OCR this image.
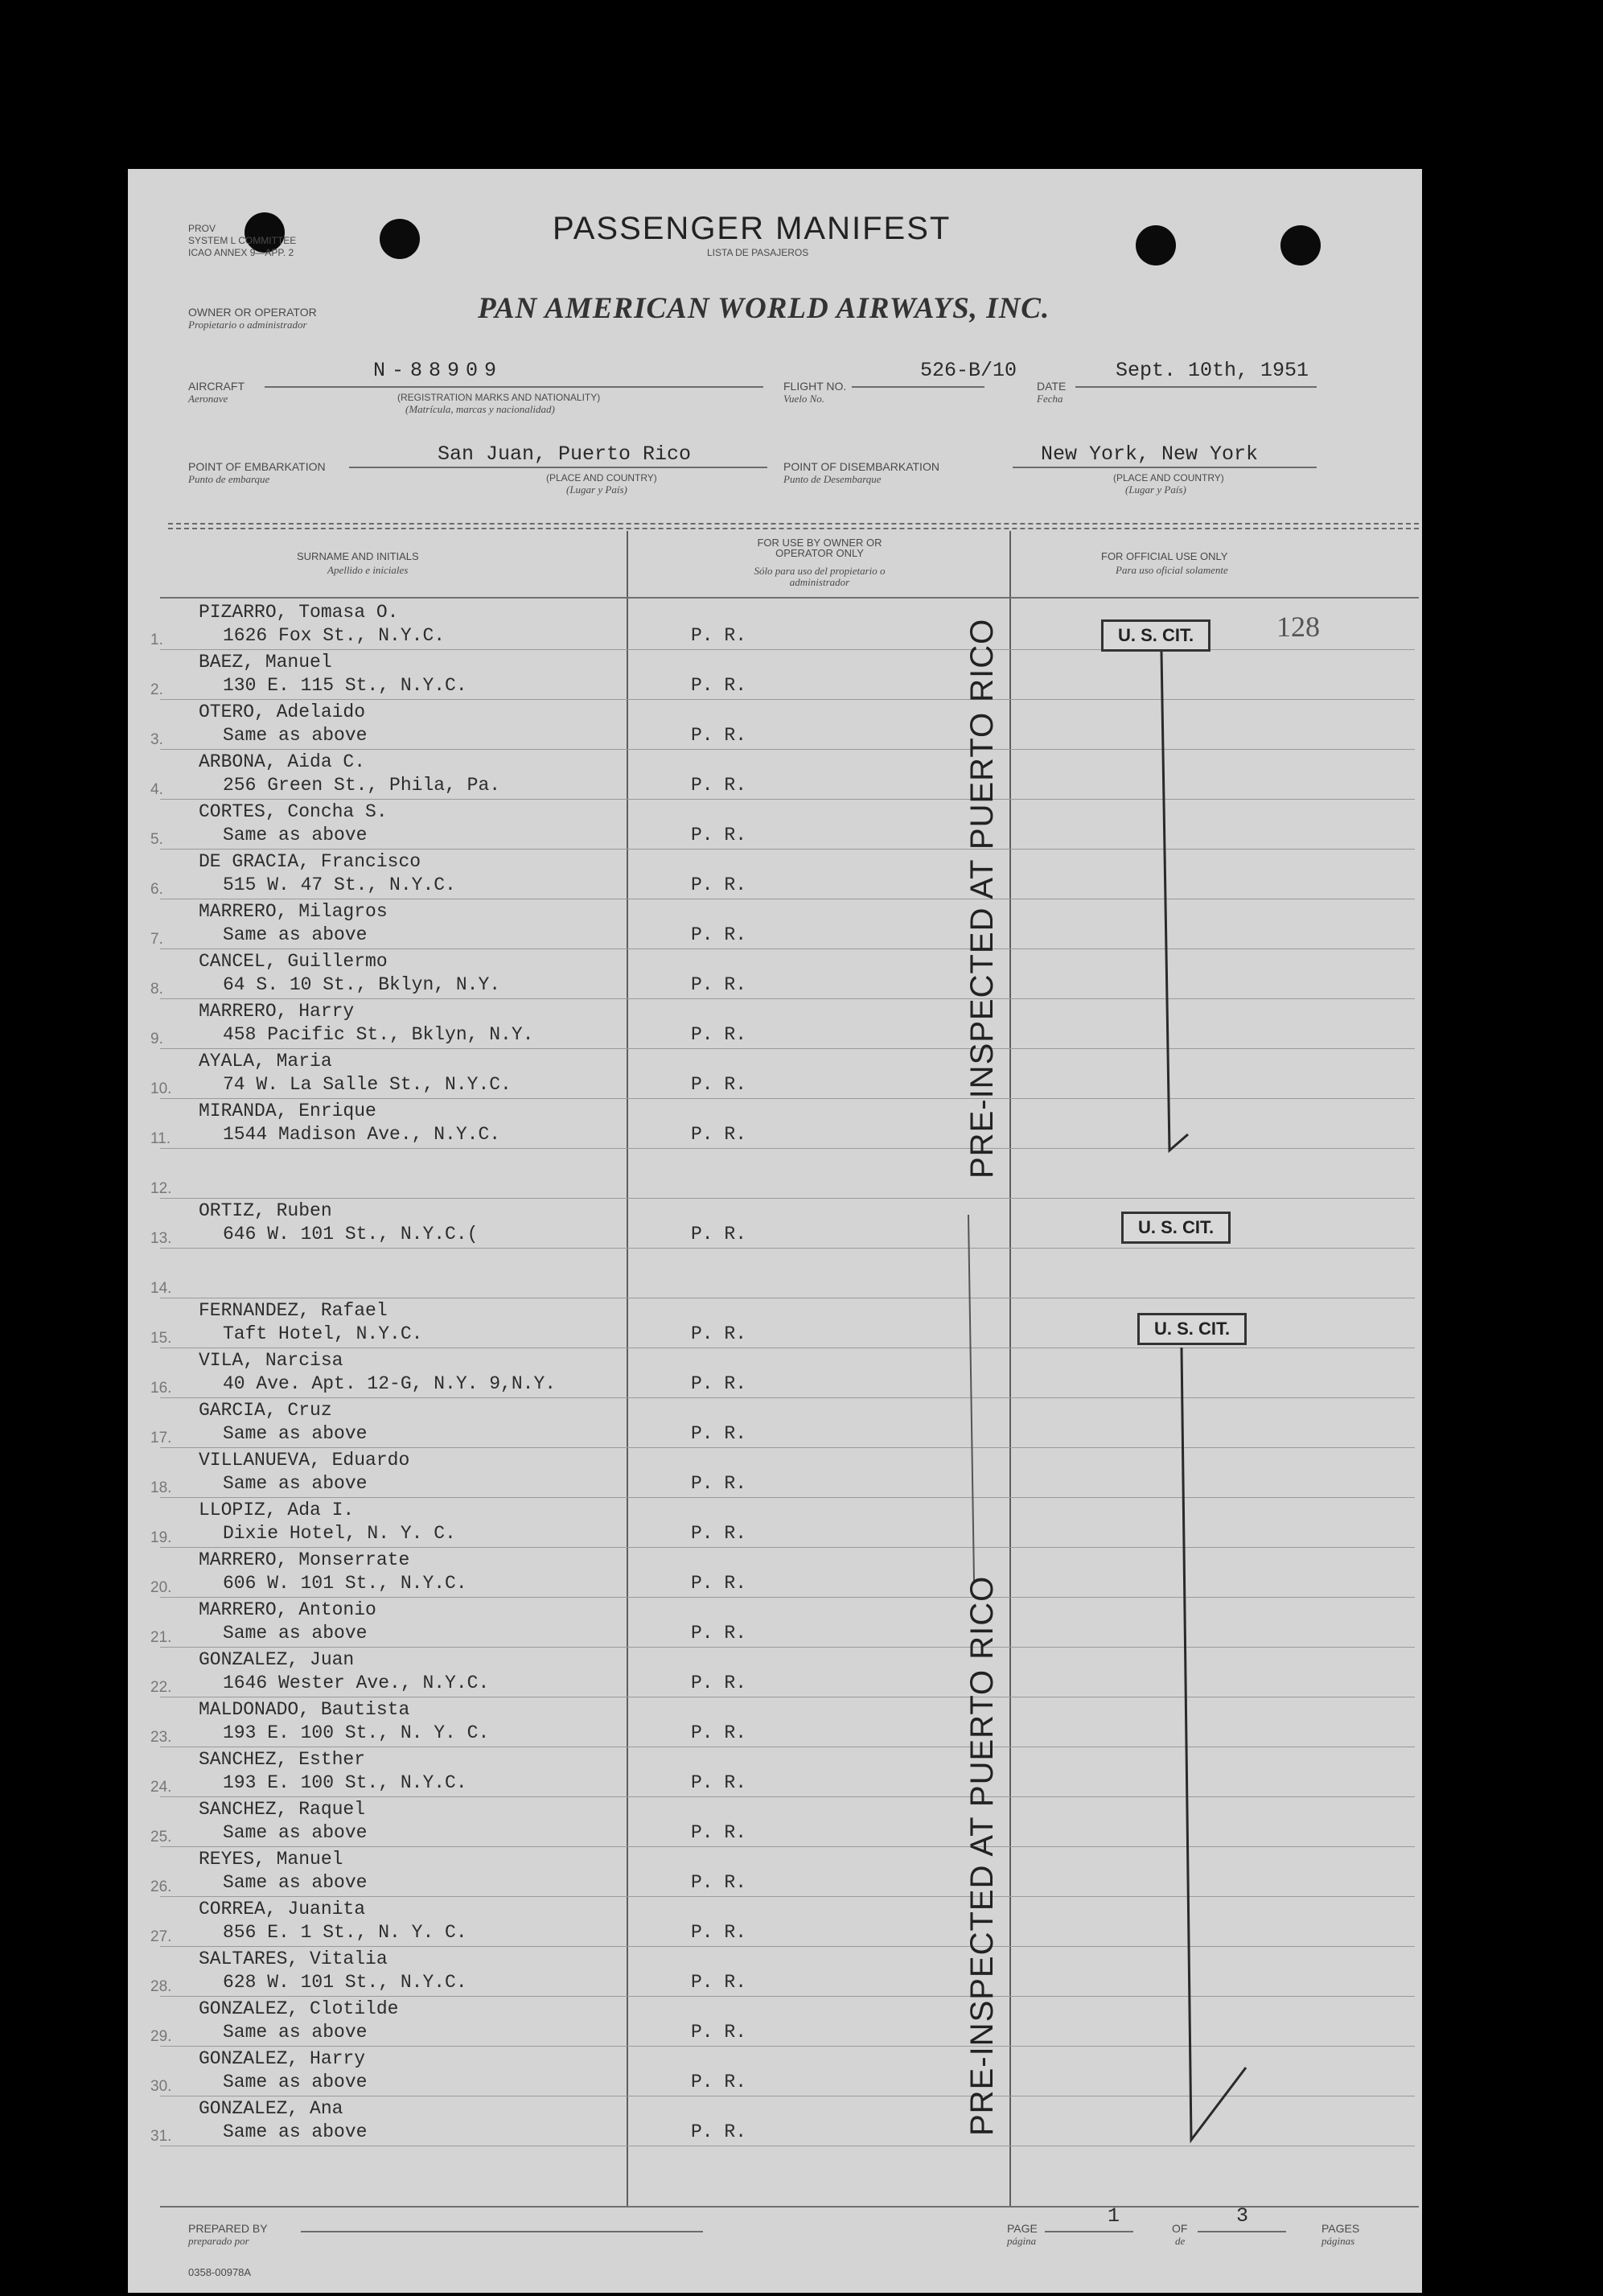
PROV
SYSTEM L COMMITTEE
ICAO ANNEX 9—APP. 2
PASSENGER MANIFEST
LISTA DE PASAJEROS
OWNER OR OPERATOR
Propietario o administrador	PAN AMERICAN WORLD AIRWAYS, INC.
AIRCRAFT
Aeronave
N-88909
(REGISTRATION MARKS AND NATIONALITY)
(Matrícula, marcas y nacionalidad)
FLIGHT NO.
Vuelo No.
526-B/10
DATE
Fecha
Sept. 10th, 1951
POINT OF EMBARKATION
Punto de embarque
San Juan, Puerto Rico
(PLACE AND COUNTRY)
(Lugar y País)
POINT OF DISEMBARKATION
Punto de Desembarque
New York, New York
(PLACE AND COUNTRY)
(Lugar y País)
SURNAME AND INITIALS
Apellido e iniciales
FOR USE BY OWNER OR OPERATOR ONLY
Sólo para uso del propietario o administrador
FOR OFFICIAL USE ONLY
Para uso oficial solamente
1.
PIZARRO, Tomasa O.
1626 Fox St., N.Y.C.	P. R.
2.
BAEZ, Manuel
130 E. 115 St., N.Y.C.	P. R.
3.
OTERO, Adelaido
Same as above	P. R.
4.
ARBONA, Aida C.
256 Green St., Phila, Pa.	P. R.
5.
CORTES, Concha S.
Same as above	P. R.
6.
DE GRACIA, Francisco
515 W. 47 St., N.Y.C.	P. R.
7.
MARRERO, Milagros
Same as above	P. R.
8.
CANCEL, Guillermo
64 S. 10 St., Bklyn, N.Y.	P. R.
9.
MARRERO, Harry
458 Pacific St., Bklyn, N.Y.	P. R.
10.
AYALA, Maria
74 W. La Salle St., N.Y.C.	P. R.
11.
MIRANDA, Enrique
1544 Madison Ave., N.Y.C.	P. R.
12.
13.
ORTIZ, Ruben
646 W. 101 St., N.Y.C.(	P. R.
14.
15.
FERNANDEZ, Rafael
Taft Hotel, N.Y.C.	P. R.
16.
VILA, Narcisa
40 Ave. Apt. 12-G, N.Y. 9,N.Y.	P. R.
17.
GARCIA, Cruz
Same as above	P. R.
18.
VILLANUEVA, Eduardo
Same as above	P. R.
19.
LLOPIZ, Ada I.
Dixie Hotel, N. Y. C.	P. R.
20.
MARRERO, Monserrate
606 W. 101 St., N.Y.C.	P. R.
21.
MARRERO, Antonio
Same as above	P. R.
22.
GONZALEZ, Juan
1646 Wester Ave., N.Y.C.	P. R.
23.
MALDONADO, Bautista
193 E. 100 St., N. Y. C.	P. R.
24.
SANCHEZ, Esther
193 E. 100 St., N.Y.C.	P. R.
25.
SANCHEZ, Raquel
Same as above	P. R.
26.
REYES, Manuel
Same as above	P. R.
27.
CORREA, Juanita
856 E. 1 St., N. Y. C.	P. R.
28.
SALTARES, Vitalia
628 W. 101 St., N.Y.C.	P. R.
29.
GONZALEZ, Clotilde
Same as above	P. R.
30.
GONZALEZ, Harry
Same as above	P. R.
31.
GONZALEZ, Ana
Same as above	P. R.
128
U. S. CIT.
U. S. CIT.
U. S. CIT.
PRE-INSPECTED AT PUERTO RICO
PRE-INSPECTED AT PUERTO RICO
PREPARED BY
preparado por
PAGE
página
1
OF
de
3
PAGES
páginas
0358-00978A
